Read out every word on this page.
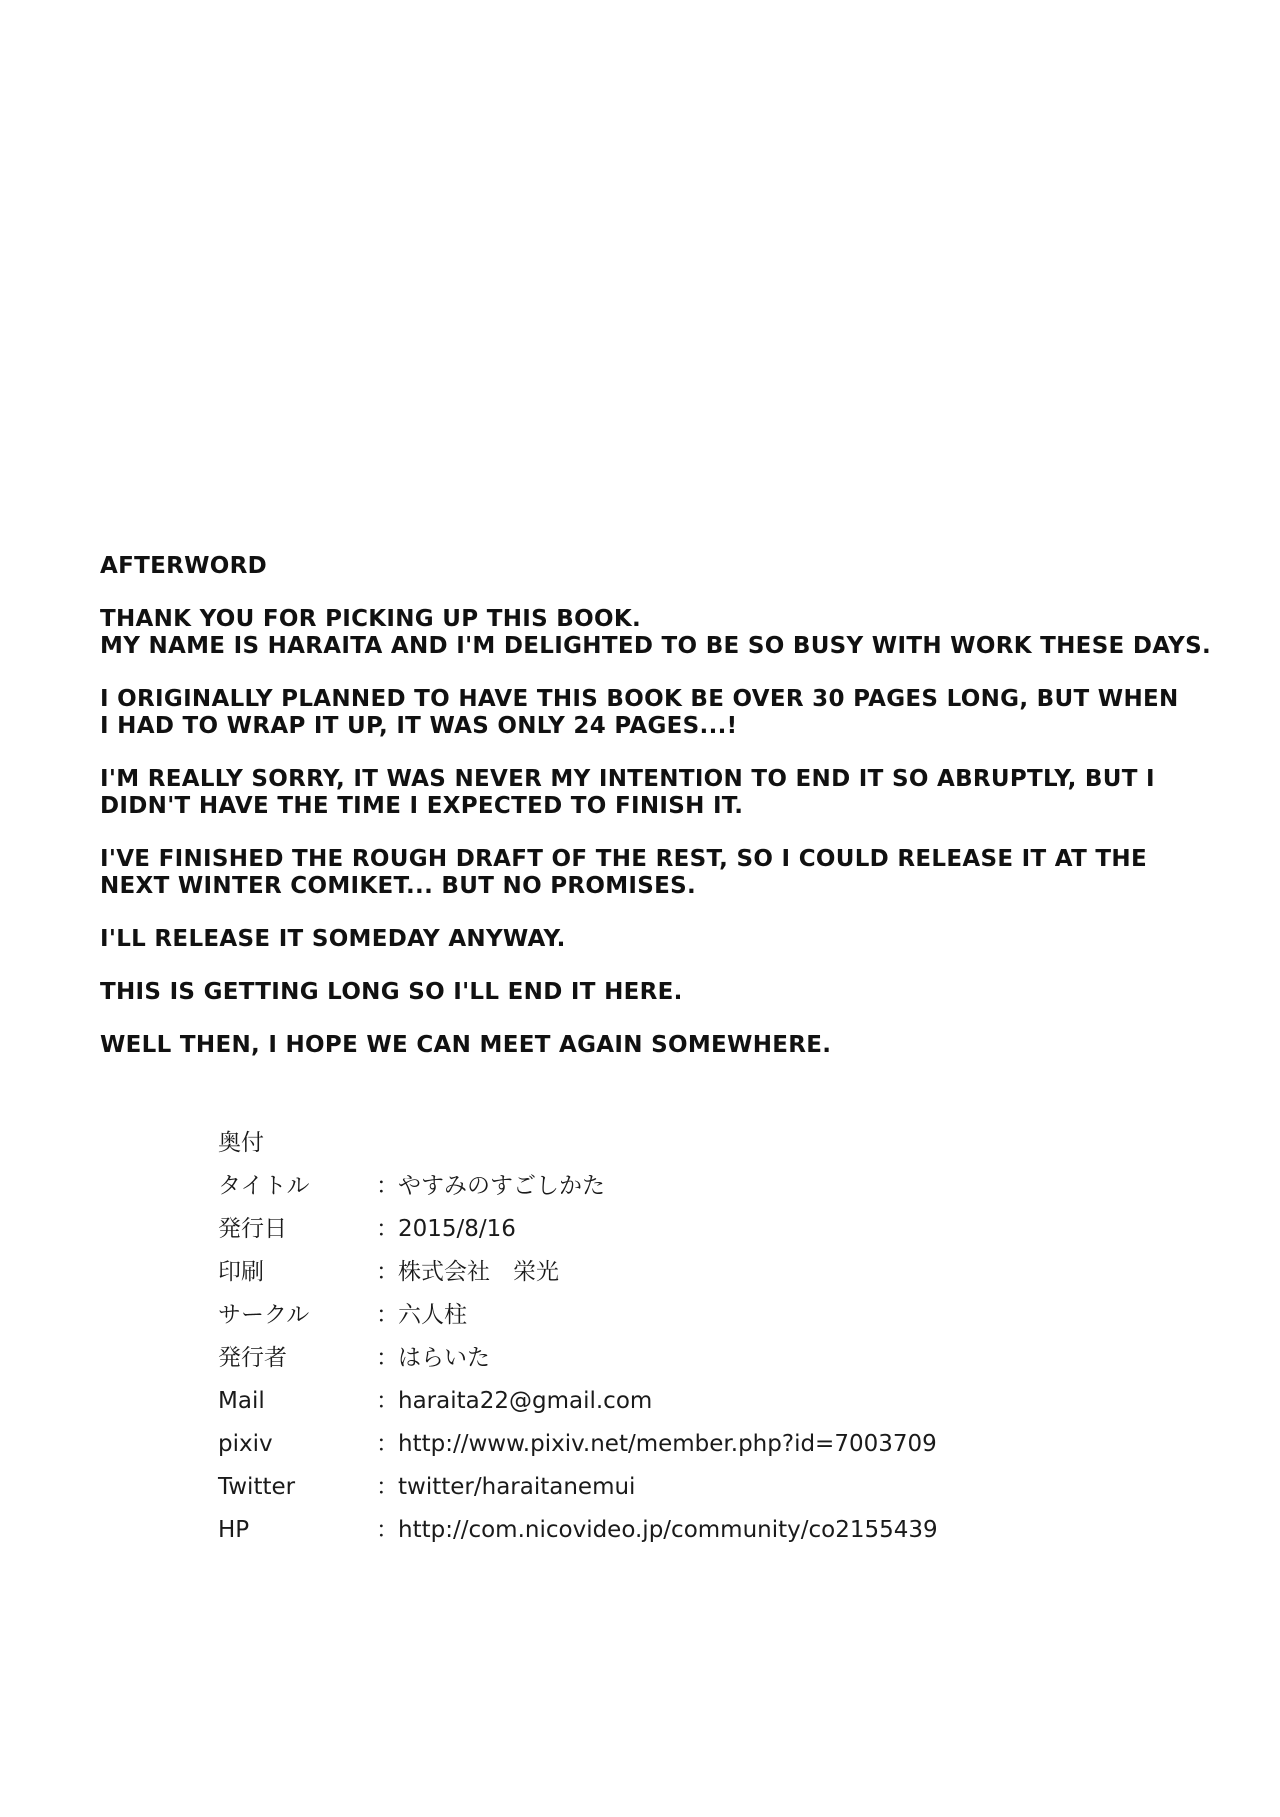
AFTERWORD
THANK YOU FOR PICKING UP THIS BOOK.
MY NAME IS HARAITA AND I'M DELIGHTED TO BE SO BUSY WITH WORK THESE DAYS.
I ORIGINALLY PLANNED TO HAVE THIS BOOK BE OVER 30 PAGES LONG, BUT WHEN
I HAD TO WRAP IT UP, IT WAS ONLY 24 PAGES...!
I'M REALLY SORRY, IT WAS NEVER MY INTENTION TO END IT SO ABRUPTLY, BUT I
DIDN'T HAVE THE TIME I EXPECTED TO FINISH IT.
I'VE FINISHED THE ROUGH DRAFT OF THE REST, SO I COULD RELEASE IT AT THE
NEXT WINTER COMIKET... BUT NO PROMISES.
I'LL RELEASE IT SOMEDAY ANYWAY.
THIS IS GETTING LONG SO I'LL END IT HERE.
WELL THEN, I HOPE WE CAN MEET AGAIN SOMEWHERE.
奥付
タイトル	： やすみのすごしかた
発行日	： 2015/8/16
印刷	： 株式会社　栄光
サークル	： 六人柱
発行者	： はらいた
Mail	： haraita22@gmail.com
pixiv	： http://www.pixiv.net/member.php?id=7003709
Twitter	： twitter/haraitanemui
HP	： http://com.nicovideo.jp/community/co2155439
